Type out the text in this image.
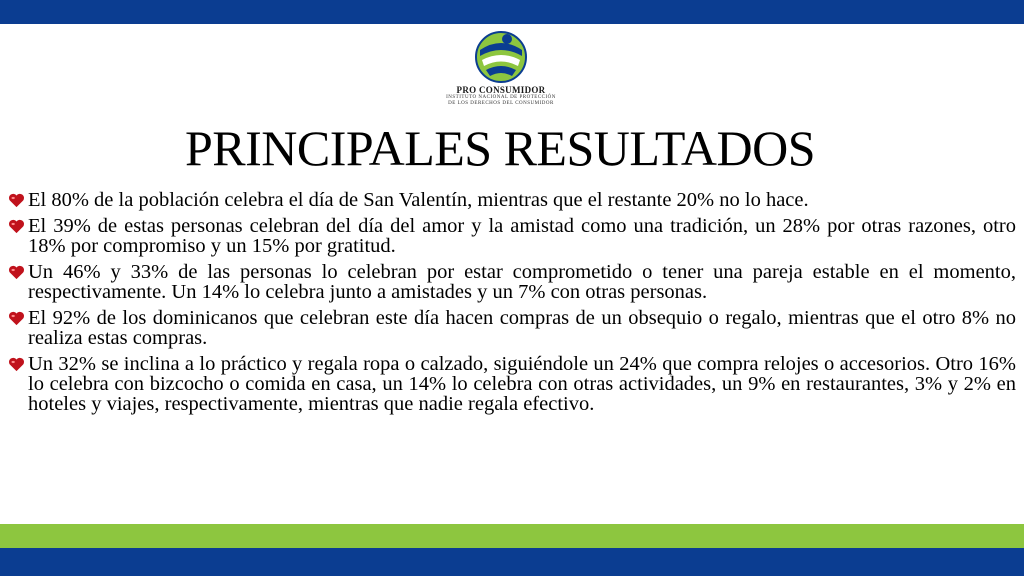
PRO CONSUMIDOR
INSTITUTO NACIONAL DE PROTECCIÓN
DE LOS DERECHOS DEL CONSUMIDOR
PRINCIPALES RESULTADOS
El 80% de la población celebra el día de San Valentín, mientras que el restante 20% no lo hace.
El 39% de estas personas celebran del día del amor y la amistad como una tradición, un 28% por otras razones, otro 18% por compromiso y un 15% por gratitud.
Un 46% y 33% de las personas lo celebran por estar comprometido o tener una pareja estable en el momento, respectivamente. Un 14% lo celebra junto a amistades y un 7% con otras personas.
El 92% de los dominicanos que celebran este día hacen compras de un obsequio o regalo, mientras que el otro 8% no realiza estas compras.
Un 32% se inclina a lo práctico y regala ropa o calzado, siguiéndole un 24% que compra relojes o accesorios. Otro 16% lo celebra con bizcocho o comida en casa, un 14% lo celebra con otras actividades, un 9% en restaurantes, 3% y 2% en hoteles y viajes, respectivamente, mientras que nadie regala efectivo.
